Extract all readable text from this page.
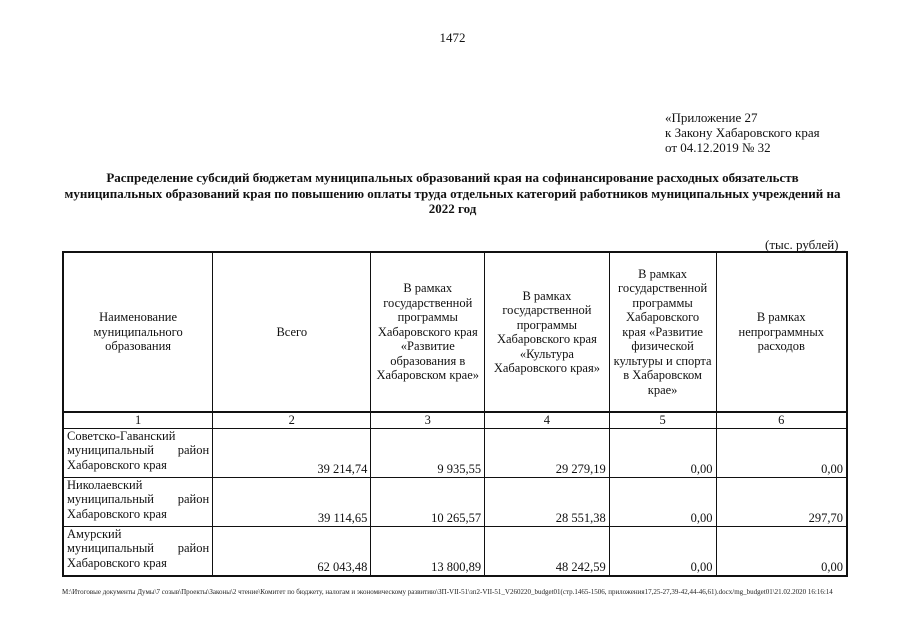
1472
«Приложение 27
к Закону Хабаровского края
от 04.12.2019 № 32
Распределение субсидий бюджетам муниципальных образований края на софинансирование расходных обязательств муниципальных образований края по повышению оплаты труда отдельных категорий работников муниципальных учреждений на 2022 год
(тыс. рублей)
Наименование муниципального образования	Всего	В рамках государственной программы Хабаровского края «Развитие образования в Хабаровском крае»	В рамках государственной программы Хабаровского края «Культура Хабаровского края»	В рамках государственной программы Хабаровского края «Развитие физической культуры и спорта в Хабаровском крае»	В рамках непрограммных расходов
1	2	3	4	5	6
Советско-Гаванский

муниципальный район
Хабаровского края	39 214,74	9 935,55	29 279,19	0,00	0,00
Николаевский

муниципальный район
Хабаровского края	39 114,65	10 265,57	28 551,38	0,00	297,70
Амурский

муниципальный район
Хабаровского края	62 043,48	13 800,89	48 242,59	0,00	0,00
M:\Итоговые документы Думы\7 созыв\Проекты\Законы\2 чтение\Комитет по бюджету, налогам и экономическому развитию\ЗП-VII-51\зп2-VII-51_V260220_budget01(стр.1465-1506, приложения17,25-27,39-42,44-46,61).docx/mg_budget01\21.02.2020 16:16:14
